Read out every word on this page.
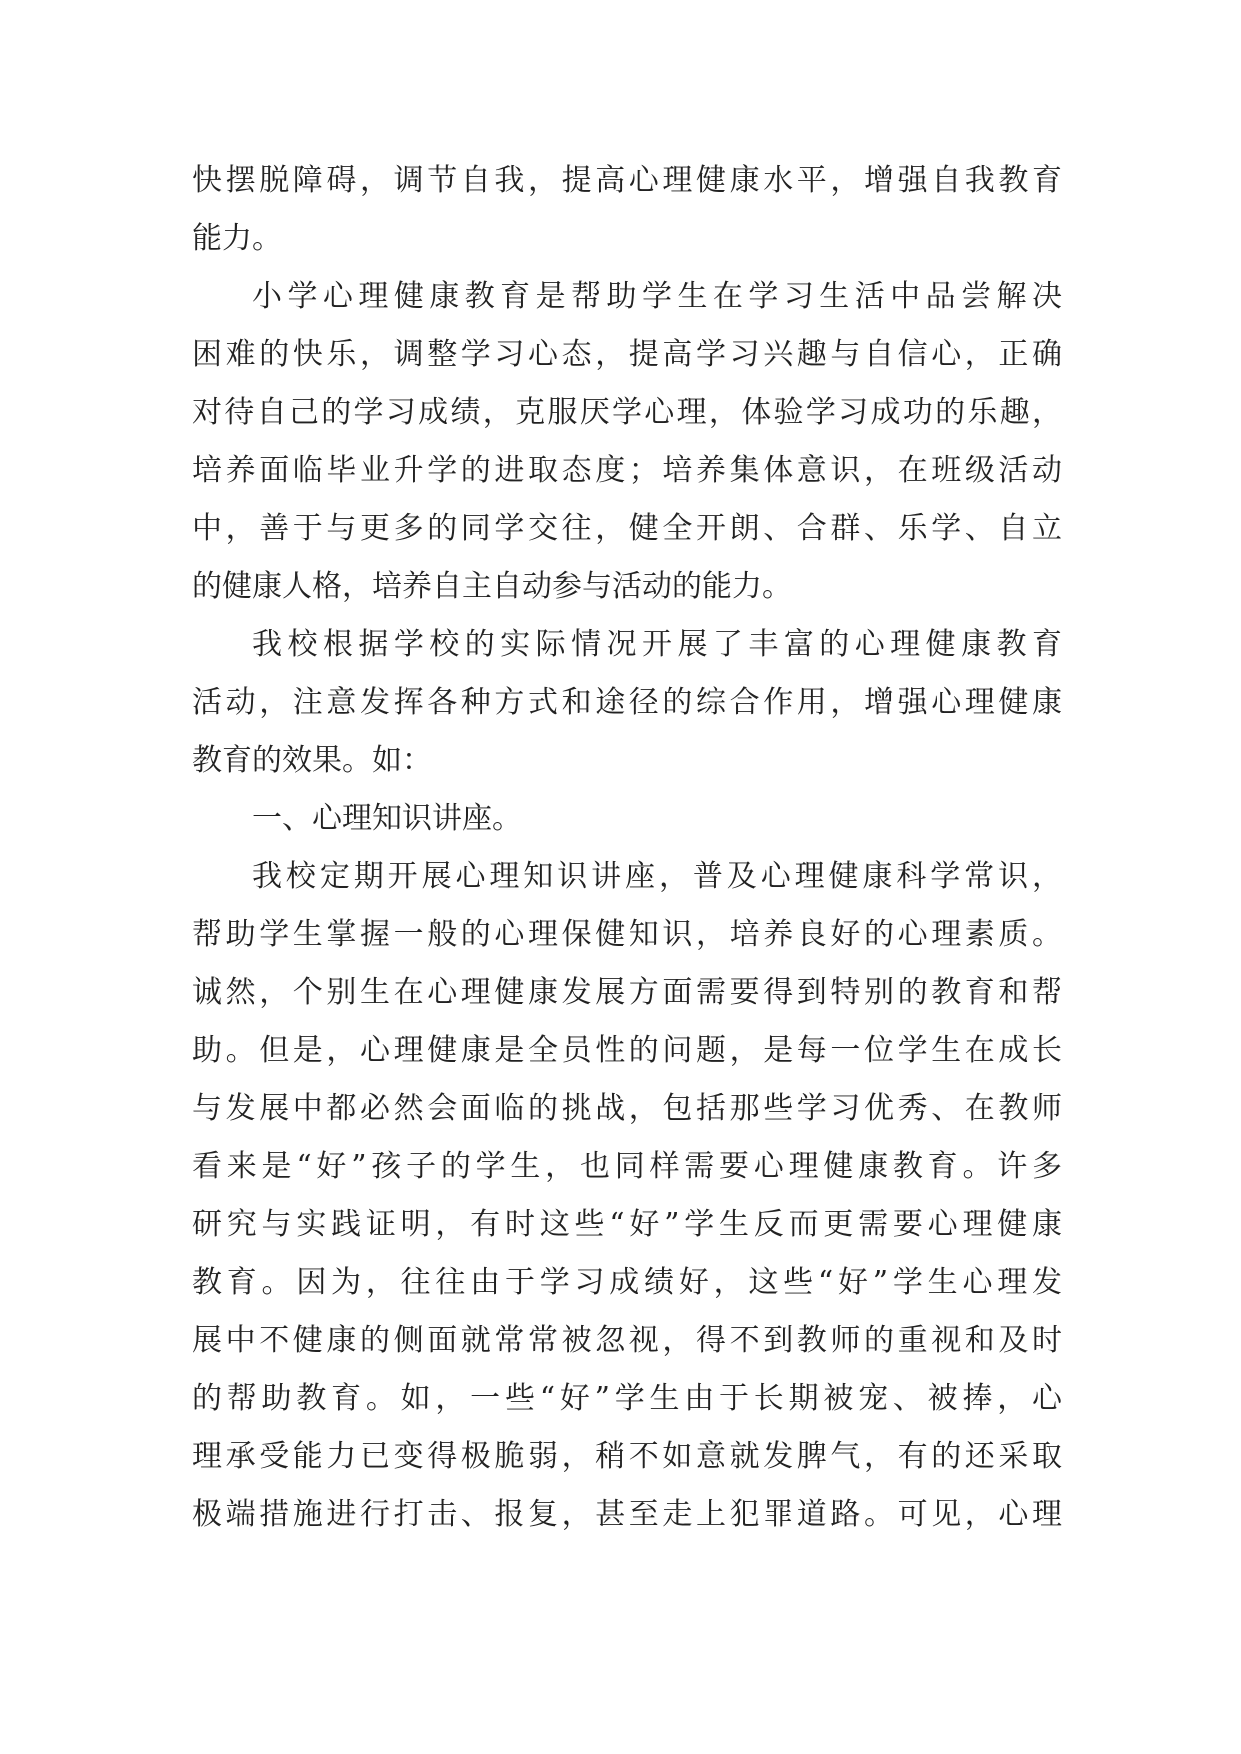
快摆脱障碍，调节自我，提高心理健康水平，增强自我教育
能力。
小学心理健康教育是帮助学生在学习生活中品尝解决
困难的快乐，调整学习心态，提高学习兴趣与自信心，正确
对待自己的学习成绩，克服厌学心理，体验学习成功的乐趣，
培养面临毕业升学的进取态度；培养集体意识，在班级活动
中，善于与更多的同学交往，健全开朗、合群、乐学、自立
的健康人格，培养自主自动参与活动的能力。
我校根据学校的实际情况开展了丰富的心理健康教育
活动，注意发挥各种方式和途径的综合作用，增强心理健康
教育的效果。如：
一、心理知识讲座。
我校定期开展心理知识讲座，普及心理健康科学常识，
帮助学生掌握一般的心理保健知识，培养良好的心理素质。
诚然，个别生在心理健康发展方面需要得到特别的教育和帮
助。但是，心理健康是全员性的问题，是每一位学生在成长
与发展中都必然会面临的挑战，包括那些学习优秀、在教师
看来是“好”孩子的学生，也同样需要心理健康教育。许多
研究与实践证明，有时这些“好”学生反而更需要心理健康
教育。因为，往往由于学习成绩好，这些“好”学生心理发
展中不健康的侧面就常常被忽视，得不到教师的重视和及时
的帮助教育。如，一些“好”学生由于长期被宠、被捧，心
理承受能力已变得极脆弱，稍不如意就发脾气，有的还采取
极端措施进行打击、报复，甚至走上犯罪道路。可见，心理
